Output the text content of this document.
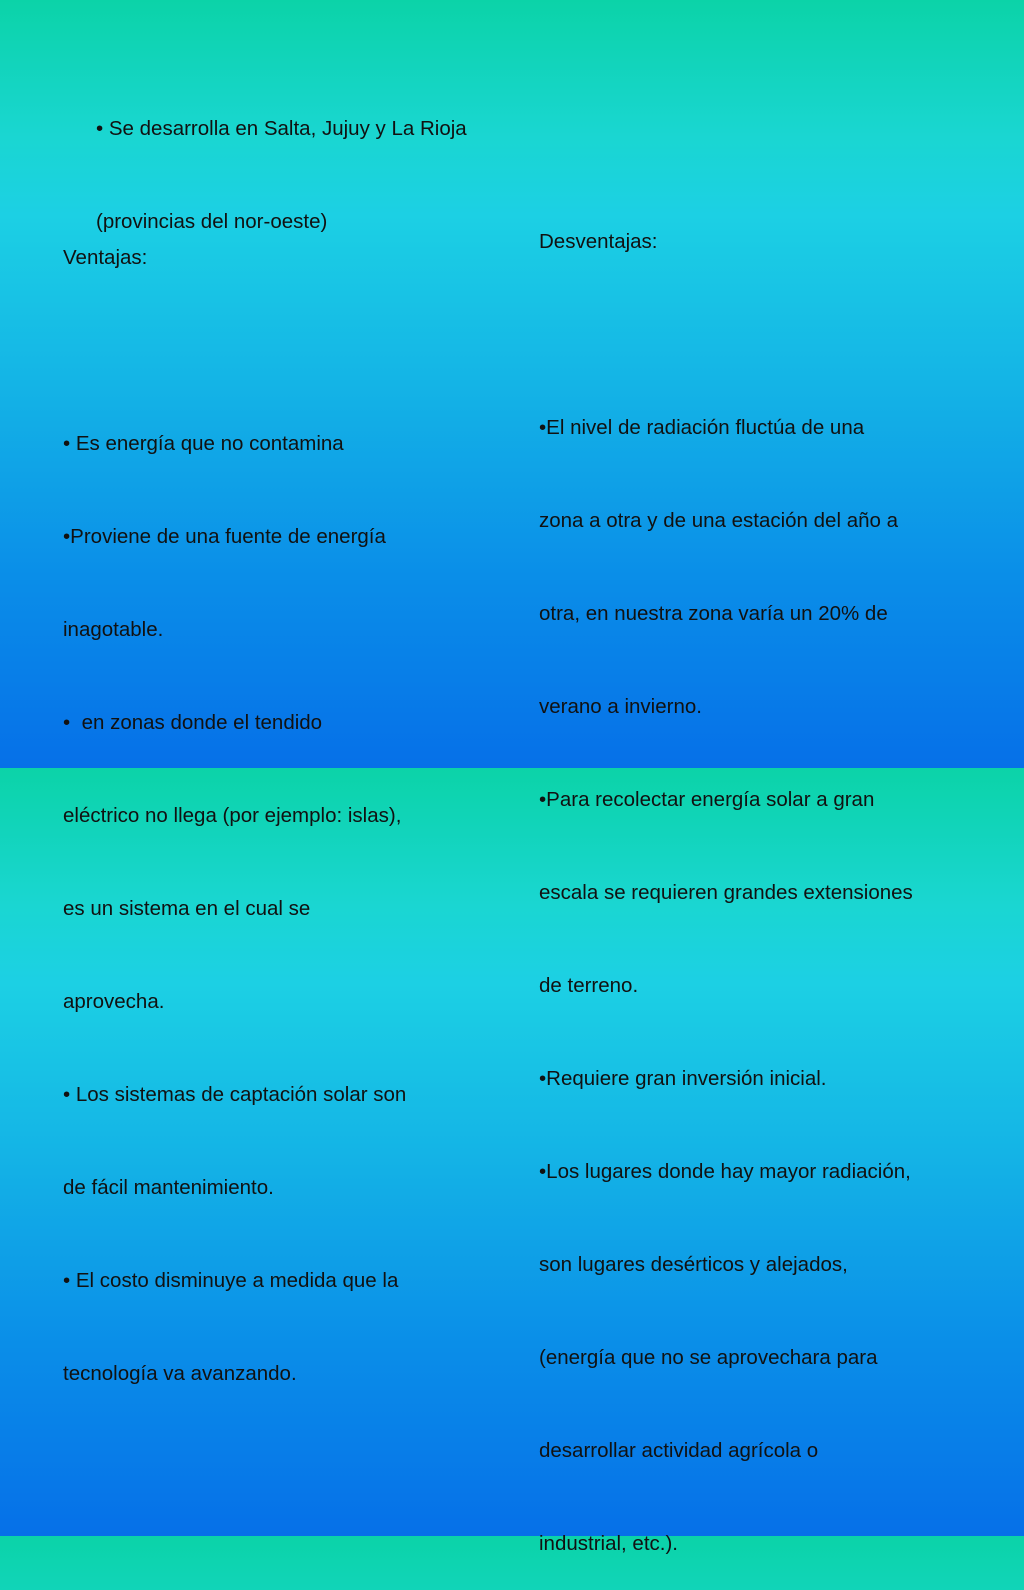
• Se desarrolla en Salta, Jujuy y La Rioja

(provincias del nor-oeste)

Ventajas:

• Es energía que no contamina

•Proviene de una fuente de energía

inagotable.

•  en zonas donde el tendido

eléctrico no llega (por ejemplo: islas),

es un sistema en el cual se

aprovecha.

• Los sistemas de captación solar son

de fácil mantenimiento.

• El costo disminuye a medida que la

tecnología va avanzando.

Desventajas:

•El nivel de radiación fluctúa de una

zona a otra y de una estación del año a

otra, en nuestra zona varía un 20% de

verano a invierno.

•Para recolectar energía solar a gran

escala se requieren grandes extensiones

de terreno.

•Requiere gran inversión inicial.

•Los lugares donde hay mayor radiación,

son lugares desérticos y alejados,

(energía que no se aprovechara para

desarrollar actividad agrícola o

industrial, etc.).
